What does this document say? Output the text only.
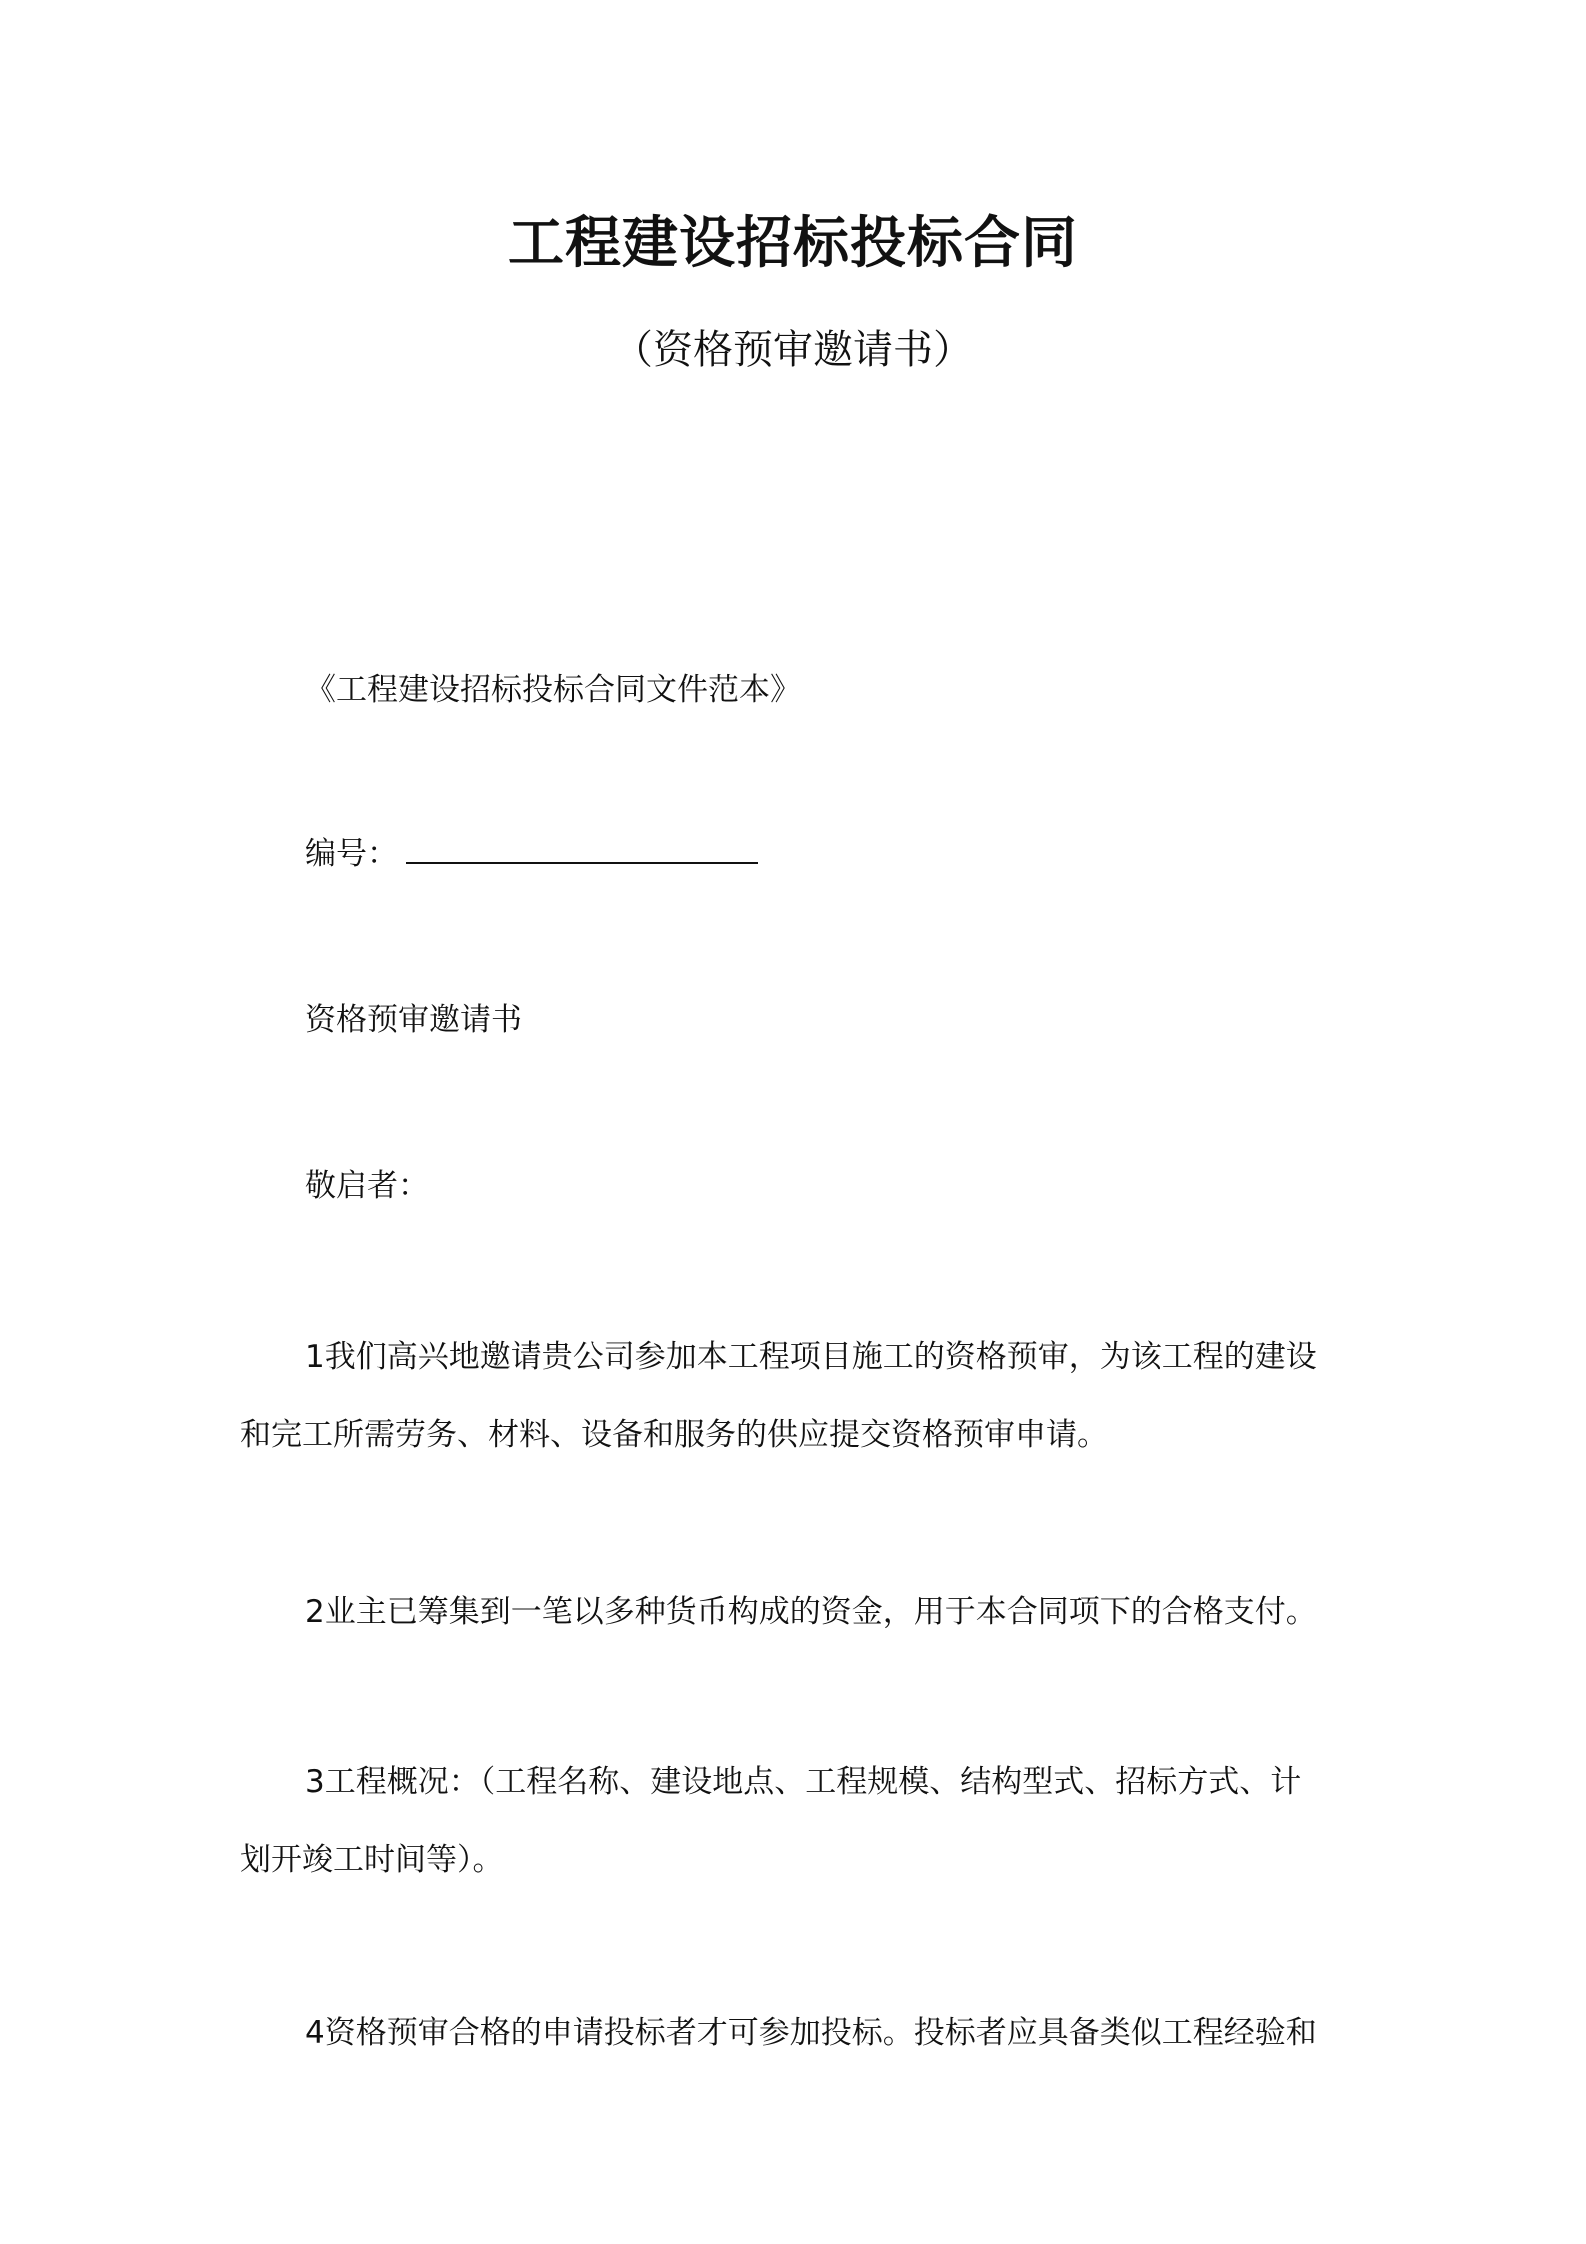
工程建设招标投标合同
（资格预审邀请书）
《工程建设招标投标合同文件范本》
编号：
资格预审邀请书
敬启者：
1我们高兴地邀请贵公司参加本工程项目施工的资格预审，为该工程的建设
和完工所需劳务、材料、设备和服务的供应提交资格预审申请。
2业主已筹集到一笔以多种货币构成的资金，用于本合同项下的合格支付。
3工程概况：（工程名称、建设地点、工程规模、结构型式、招标方式、计
划开竣工时间等）。
4资格预审合格的申请投标者才可参加投标。投标者应具备类似工程经验和
